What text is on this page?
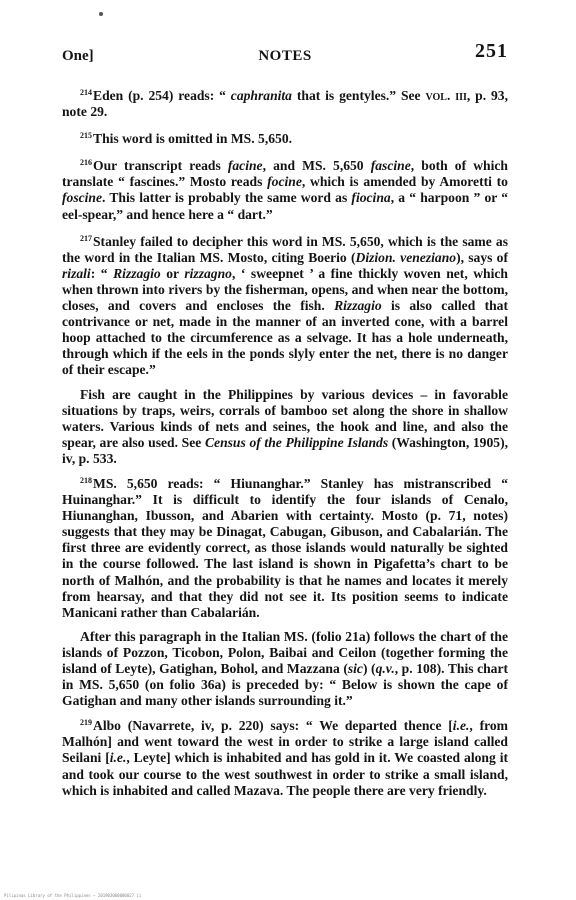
One]	NOTES	251

$^{214}$Eden (p. 254) reads: “ caphranita that is gentyles.” See vol. iii, p. 93, note 29.

$^{215}$This word is omitted in MS. 5,650.

$^{216}$Our transcript reads facine, and MS. 5,650 fascine, both of which translate “ fascines.” Mosto reads focine, which is amended by Amoretti to foscine. This latter is probably the same word as fiocina, a “ harpoon ” or “ eel-spear,” and hence here a “ dart.”

$^{217}$Stanley failed to decipher this word in MS. 5,650, which is the same as the word in the Italian MS. Mosto, citing Boerio (Dizion. veneziano), says of rizali: “ Rizzagio or rizzagno, ‘ sweepnet ’ a fine thickly woven net, which when thrown into rivers by the fisherman, opens, and when near the bottom, closes, and covers and encloses the fish. Rizzagio is also called that contrivance or net, made in the manner of an inverted cone, with a barrel hoop attached to the circumference as a selvage. It has a hole underneath, through which if the eels in the ponds slyly enter the net, there is no danger of their escape.”

Fish are caught in the Philippines by various devices – in favorable situations by traps, weirs, corrals of bamboo set along the shore in shallow waters. Various kinds of nets and seines, the hook and line, and also the spear, are also used. See Census of the Philippine Islands (Washington, 1905), iv, p. 533.

$^{218}$MS. 5,650 reads: “ Hiunanghar.” Stanley has mistranscribed “ Huinanghar.” It is difficult to identify the four islands of Cenalo, Hiunanghan, Ibusson, and Abarien with certainty. Mosto (p. 71, notes) suggests that they may be Dinagat, Cabugan, Gibuson, and Cabalarián. The first three are evidently correct, as those islands would naturally be sighted in the course followed. The last island is shown in Pigafetta’s chart to be north of Malhón, and the probability is that he names and locates it merely from hearsay, and that they did not see it. Its position seems to indicate Manicani rather than Cabalarián.

After this paragraph in the Italian MS. (folio 21a) follows the chart of the islands of Pozzon, Ticobon, Polon, Baibai and Ceilon (together forming the island of Leyte), Gatighan, Bohol, and Mazzana (sic) (q.v., p. 108). This chart in MS. 5,650 (on folio 36a) is preceded by: “ Below is shown the cape of Gatighan and many other islands surrounding it.”

$^{219}$Albo (Navarrete, iv, p. 220) says: “ We departed thence [i.e., from Malhón] and went toward the west in order to strike a large island called Seilani [i.e., Leyte] which is inhabited and has gold in it. We coasted along it and took our course to the west southwest in order to strike a small island, which is inhabited and called Mazava. The people there are very friendly.

Pilipinas Library of the Philippines — 201903060000027 ii
